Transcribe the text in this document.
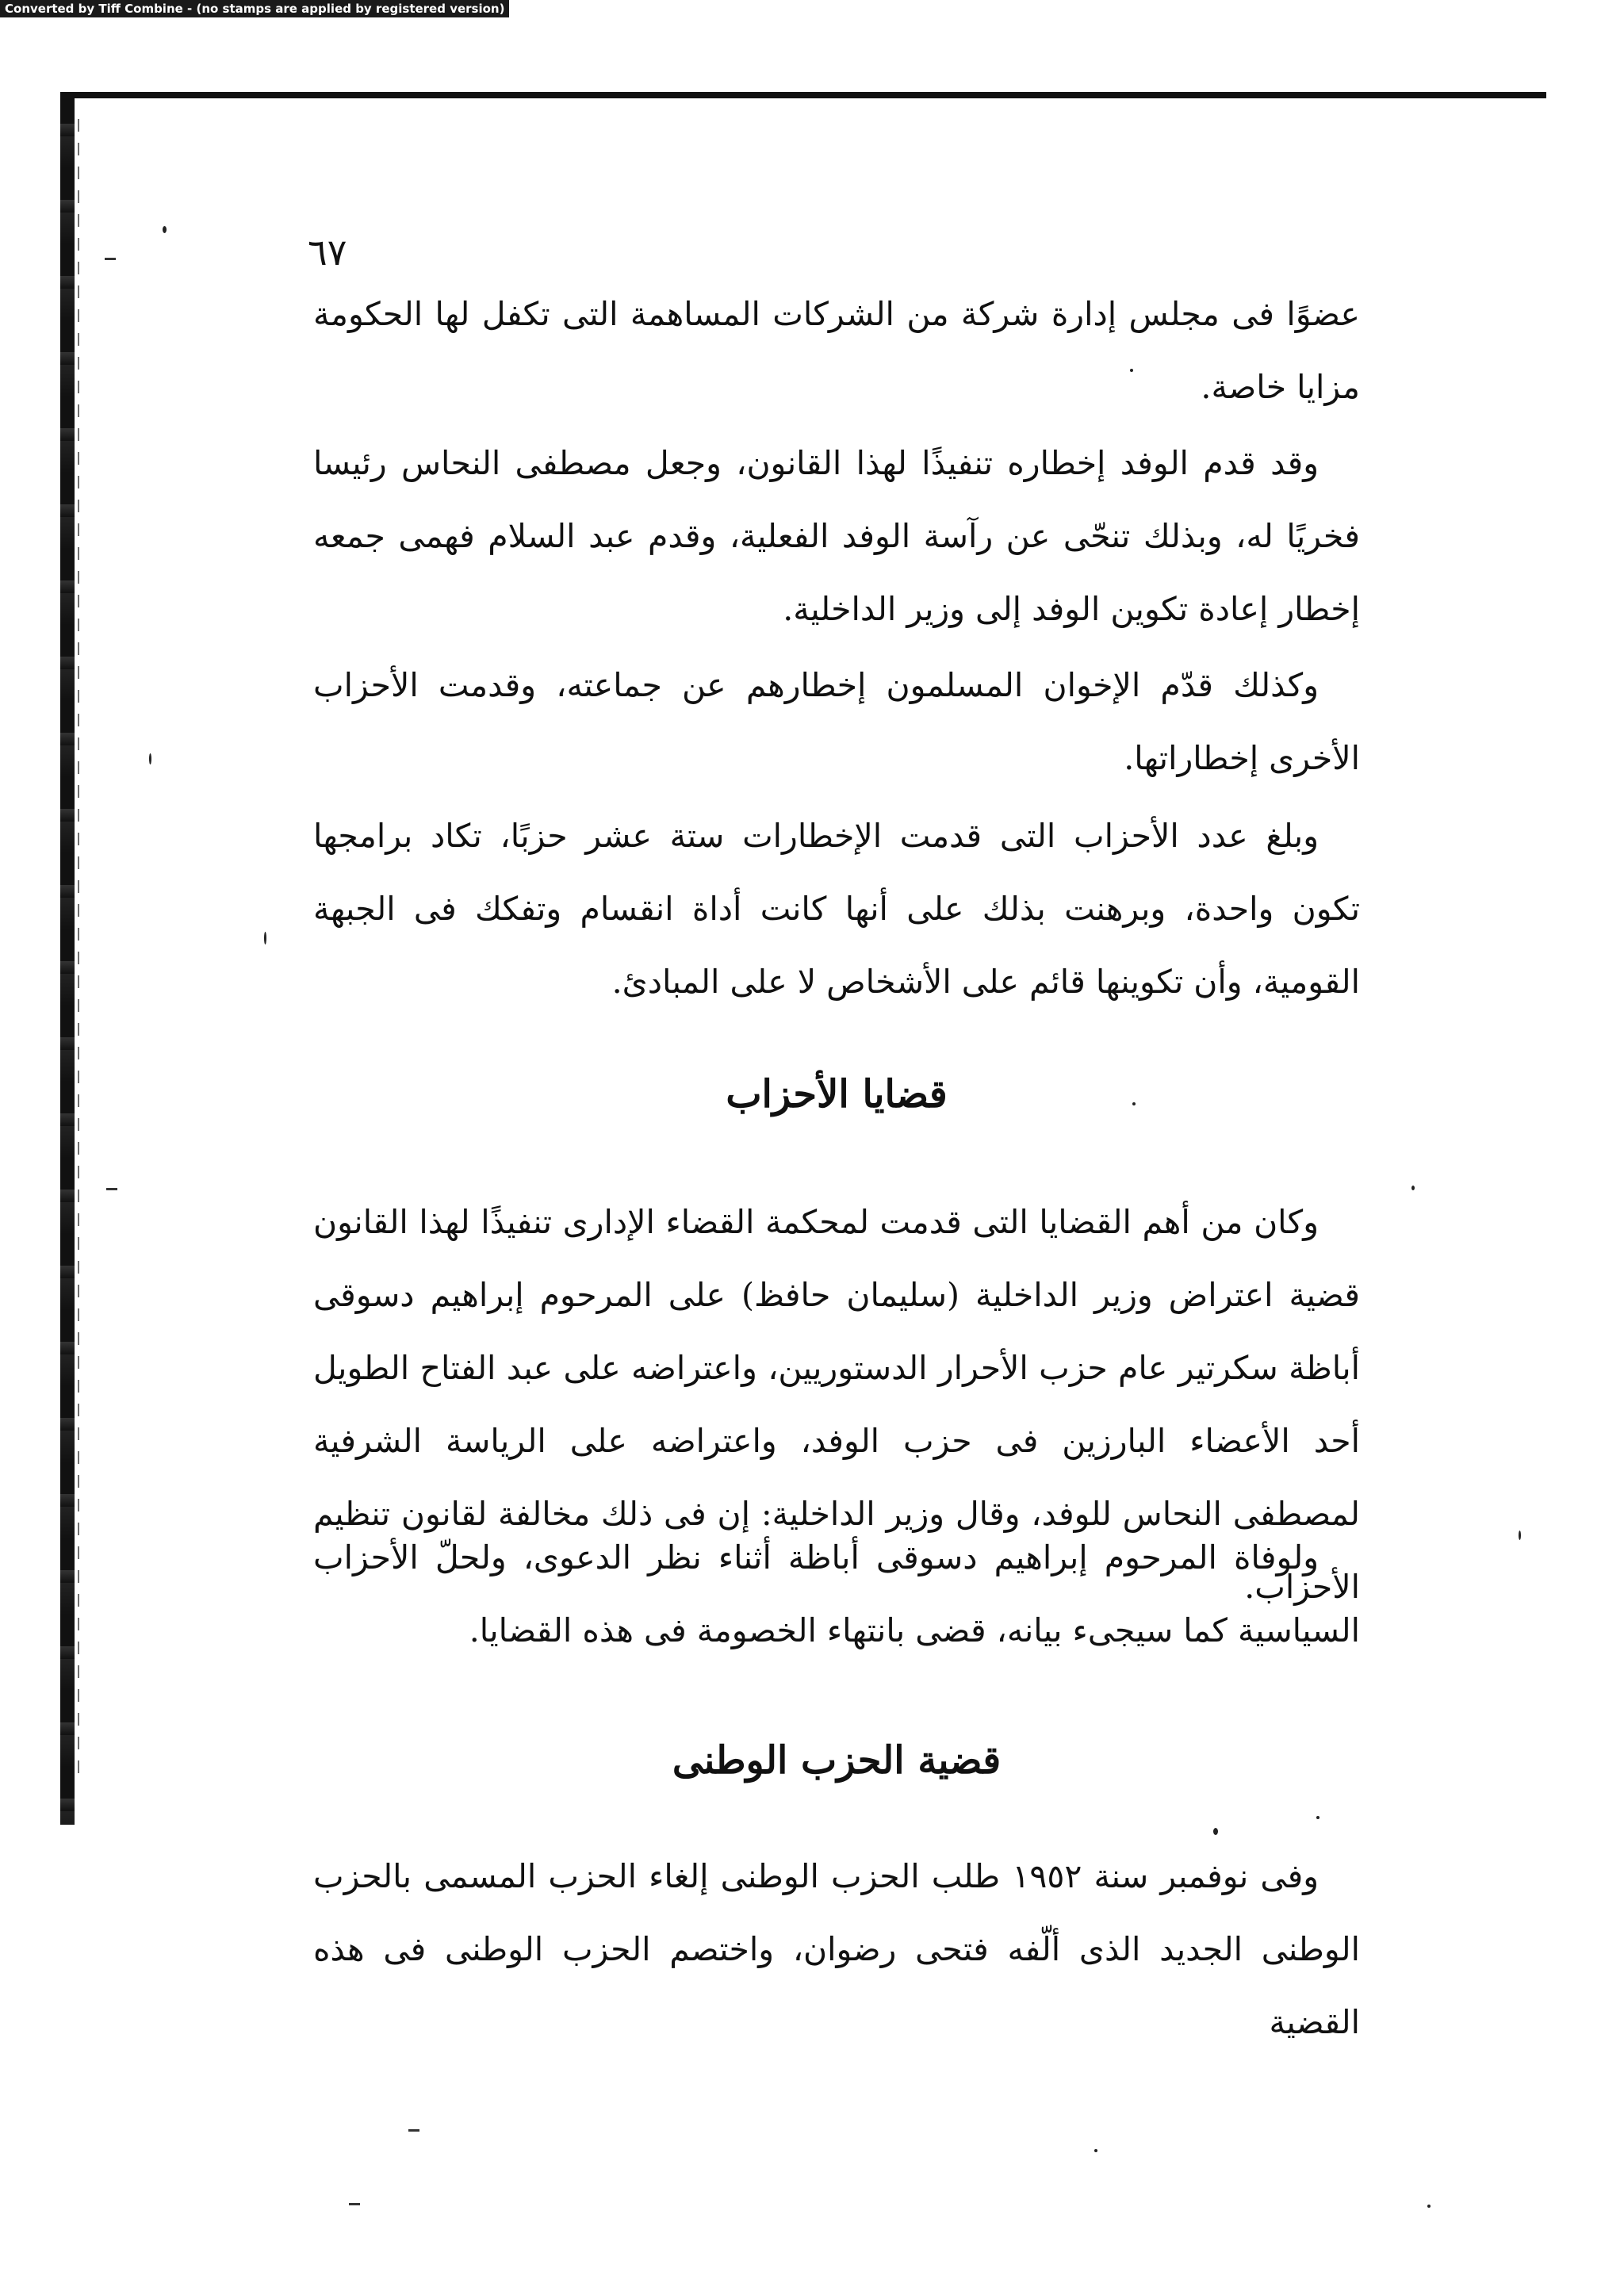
Converted by Tiff Combine - (no stamps are applied by registered version)
٦٧

عضوًا فى مجلس إدارة شركة من الشركات المساهمة التى تكفل لها الحكومة مزايا خاصة.

وقد قدم الوفد إخطاره تنفيذًا لهذا القانون، وجعل مصطفى النحاس رئيسا فخريًا له، وبذلك تنحّى عن رآسة الوفد الفعلية، وقدم عبد السلام فهمى جمعه إخطار إعادة تكوين الوفد إلى وزير الداخلية.

وكذلك قدّم الإخوان المسلمون إخطارهم عن جماعته، وقدمت الأحزاب الأخرى إخطاراتها.

وبلغ عدد الأحزاب التى قدمت الإخطارات ستة عشر حزبًا، تكاد برامجها تكون واحدة، وبرهنت بذلك على أنها كانت أداة انقسام وتفكك فى الجبهة القومية، وأن تكوينها قائم على الأشخاص لا على المبادئ.

قضايا الأحزاب

وكان من أهم القضايا التى قدمت لمحكمة القضاء الإدارى تنفيذًا لهذا القانون قضية اعتراض وزير الداخلية (سليمان حافظ) على المرحوم إبراهيم دسوقى أباظة سكرتير عام حزب الأحرار الدستوريين، واعتراضه على عبد الفتاح الطويل أحد الأعضاء البارزين فى حزب الوفد، واعتراضه على الرياسة الشرفية لمصطفى النحاس للوفد، وقال وزير الداخلية: إن فى ذلك مخالفة لقانون تنظيم الأحزاب.

ولوفاة المرحوم إبراهيم دسوقى أباظة أثناء نظر الدعوى، ولحلّ الأحزاب السياسية كما سيجىء بيانه، قضى بانتهاء الخصومة فى هذه القضايا.

قضية الحزب الوطنى

وفى نوفمبر سنة ١٩٥٢ طلب الحزب الوطنى إلغاء الحزب المسمى بالحزب الوطنى الجديد الذى ألّفه فتحى رضوان، واختصم الحزب الوطنى فى هذه القضية
